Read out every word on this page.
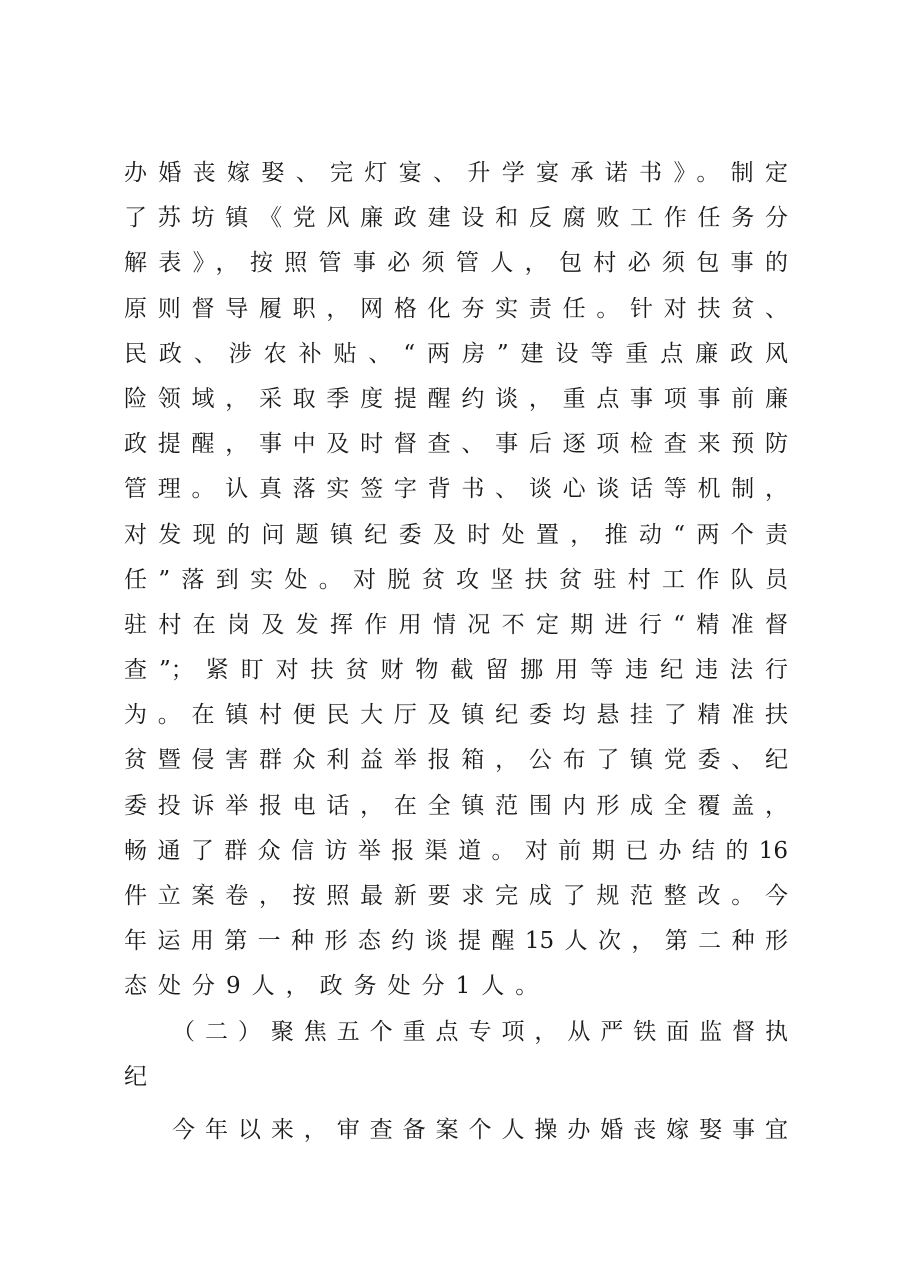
办婚丧嫁娶、完灯宴、升学宴承诺书》。制定
了苏坊镇《党风廉政建设和反腐败工作任务分
解表》，按照管事必须管人，包村必须包事的
原则督导履职，网格化夯实责任。针对扶贫、
民政、涉农补贴、“两房”建设等重点廉政风
险领域，采取季度提醒约谈，重点事项事前廉
政提醒，事中及时督查、事后逐项检查来预防
管理。认真落实签字背书、谈心谈话等机制，
对发现的问题镇纪委及时处置，推动“两个责
任”落到实处。对脱贫攻坚扶贫驻村工作队员
驻村在岗及发挥作用情况不定期进行“精准督
查”；紧盯对扶贫财物截留挪用等违纪违法行
为。在镇村便民大厅及镇纪委均悬挂了精准扶
贫暨侵害群众利益举报箱，公布了镇党委、纪
委投诉举报电话，在全镇范围内形成全覆盖，
畅通了群众信访举报渠道。对前期已办结的16
件立案卷，按照最新要求完成了规范整改。今
年运用第一种形态约谈提醒15人次，第二种形
态处分9人，政务处分1人。
（二）聚焦五个重点专项，从严铁面监督执
纪
今年以来，审查备案个人操办婚丧嫁娶事宜
